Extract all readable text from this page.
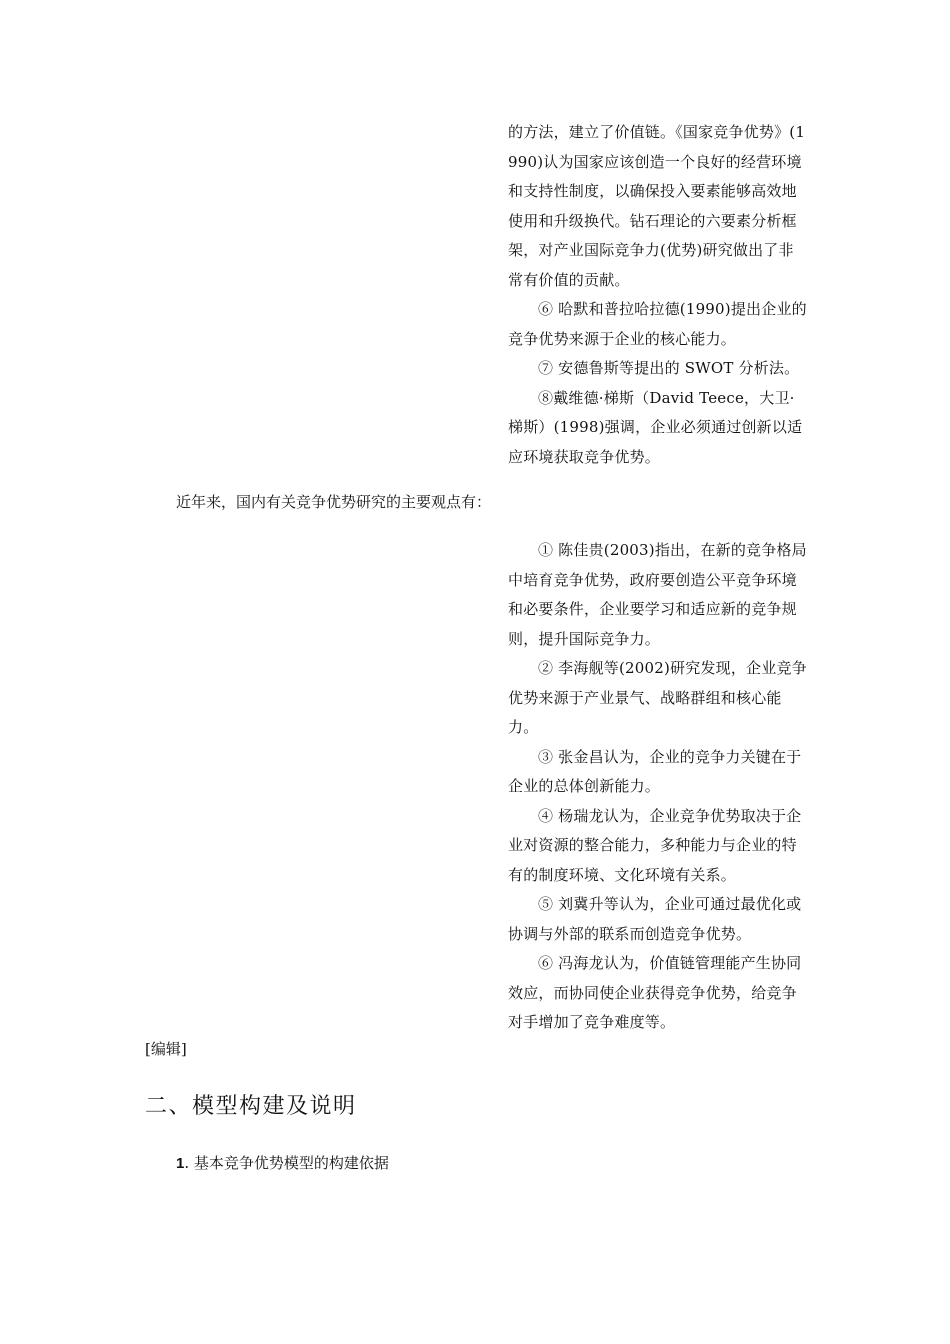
的方法，建立了价值链。《国家竞争优势》(1990)认为国家应该创造一个良好的经营环境和支持性制度，以确保投入要素能够高效地使用和升级换代。钻石理论的六要素分析框架，对产业国际竞争力(优势)研究做出了非常有价值的贡献。

⑥ 哈默和普拉哈拉德(1990)提出企业的竞争优势来源于企业的核心能力。

⑦ 安德鲁斯等提出的 SWOT 分析法。

⑧戴维德·梯斯（David Teece，大卫·梯斯）(1998)强调，企业必须通过创新以适应环境获取竞争优势。

近年来，国内有关竞争优势研究的主要观点有：

① 陈佳贵(2003)指出，在新的竞争格局中培育竞争优势，政府要创造公平竞争环境和必要条件，企业要学习和适应新的竞争规则，提升国际竞争力。

② 李海舰等(2002)研究发现，企业竞争优势来源于产业景气、战略群组和核心能力。

③ 张金昌认为，企业的竞争力关键在于企业的总体创新能力。

④ 杨瑞龙认为，企业竞争优势取决于企业对资源的整合能力，多种能力与企业的特有的制度环境、文化环境有关系。

⑤ 刘冀升等认为，企业可通过最优化或协调与外部的联系而创造竞争优势。

⑥ 冯海龙认为，价值链管理能产生协同效应，而协同使企业获得竞争优势，给竞争对手增加了竞争难度等。

[编辑]
二、模型构建及说明
1. 基本竞争优势模型的构建依据
